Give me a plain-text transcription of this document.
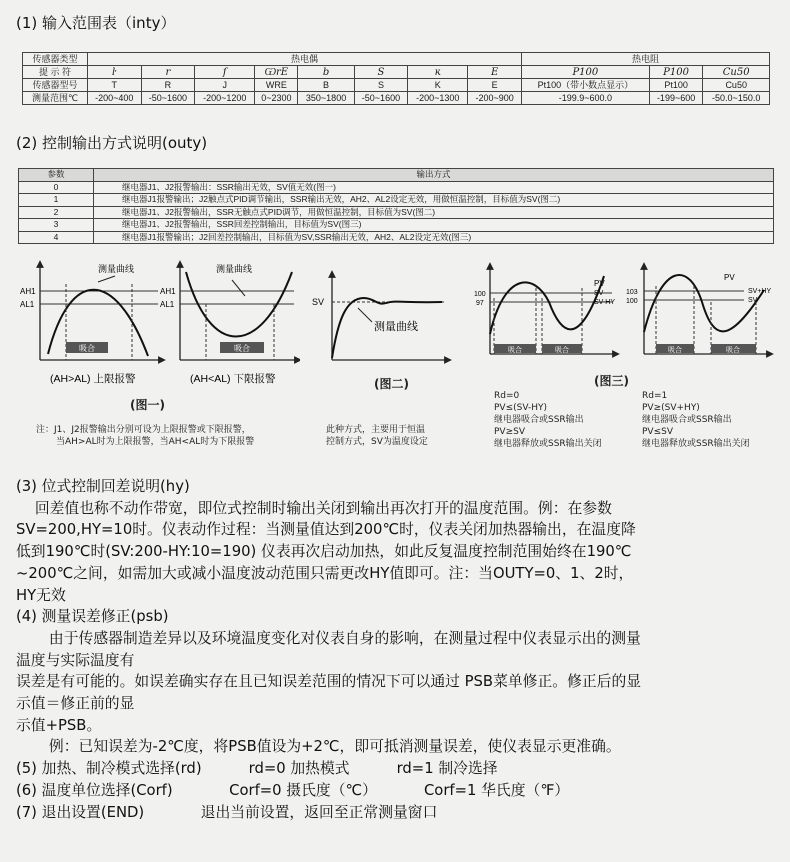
(1) 输入范围表（inty）
传感器类型	热电偶								热电阻		
提 示 符	ŀ	r	ſ	ѠrE	b	S	ĸ	E	P100	P100	Cu50
传感器型号	T	R	J	WRE	B	S	K	E	Pt100（带小数点显示）	Pt100	Cu50
测量范围℃	-200~400	-50~1600	-200~1200	0~2300	350~1800	-50~1600	-200~1300	-200~900	-199.9~600.0	-199~600	-50.0~150.0
(2) 控制输出方式说明(outy)
参数	输出方式
0	继电器J1、J2报警输出：SSR输出无效，SV值无效(图一)
1	继电器J1报警输出；J2触点式PID调节输出，SSR输出无效，AH2、AL2设定无效，用做恒温控制，目标值为SV(图二)
2	继电器J1、J2报警输出，SSR无触点式PID调节，用做恒温控制，目标值为SV(图二)
3	继电器J1、J2报警输出，SSR回差控制输出，目标值为SV(图三)
4	继电器J1报警输出；J2回差控制输出，目标值为SV,SSR输出无效，AH2、AL2设定无效(图三)
吸合
测量曲线
AH1
AL1
吸合
测量曲线
AH1
AL1
(AH>AL) 上限报警	(AH<AL) 下限报警
(图一)
注：J1、J2报警输出分别可设为上限报警或下限报警，
当AH>AL时为上限报警，当AH<AL时为下限报警
SV
测量曲线
(图二)
此种方式，主要用于恒温
控制方式，SV为温度设定
吸合	吸合
100
97
PV
SV
SV-HY
吸合	吸合
103
100
PV
SV+HY
SV
(图三)
Rd=0
PV≤(SV-HY)
继电器吸合或SSR输出
PV≥SV
继电器释放或SSR输出关闭
Rd=1
PV≥(SV+HY)
继电器吸合或SSR输出
PV≤SV
继电器释放或SSR输出关闭
(3) 位式控制回差说明(hy)
回差值也称不动作带宽，即位式控制时输出关闭到输出再次打开的温度范围。例：在参数
SV=200,HY=10时。仪表动作过程：当测量值达到200℃时，仪表关闭加热器输出，在温度降
低到190℃时(SV:200-HY:10=190) 仪表再次启动加热，如此反复温度控制范围始终在190℃
~200℃之间，如需加大或减小温度波动范围只需更改HY值即可。注：当OUTY=0、1、2时，
HY无效
(4) 测量误差修正(psb)
由于传感器制造差异以及环境温度变化对仪表自身的影响，在测量过程中仪表显示出的测量
温度与实际温度有
误差是有可能的。如误差确实存在且已知误差范围的情况下可以通过 PSB菜单修正。修正后的显
示值＝修正前的显
示值+PSB。
例：已知误差为-2℃度，将PSB值设为+2℃，即可抵消测量误差，使仪表显示更准确。
(5) 加热、制冷模式选择(rd)          rd=0 加热模式          rd=1 制冷选择
(6) 温度单位选择(Corf)            Corf=0 摄氏度（℃）          Corf=1 华氏度（℉）
(7) 退出设置(END)            退出当前设置，返回至正常测量窗口
